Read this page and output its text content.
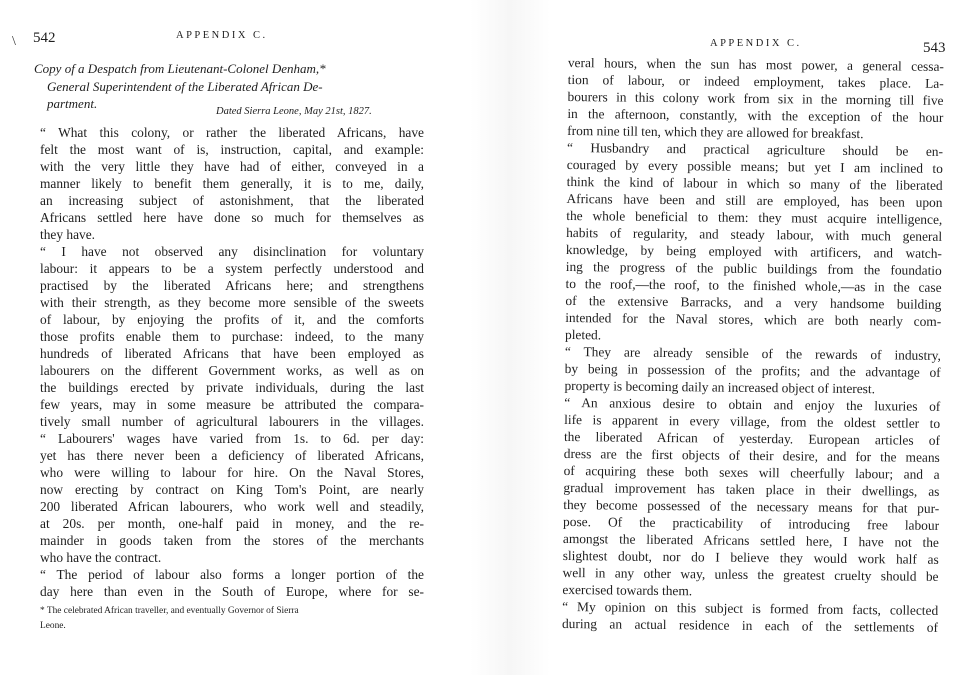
\ 542	APPENDIX C.
Copy of a Despatch from Lieutenant-Colonel Denham,*
General Superintendent of the Liberated African De-
partment.
Dated Sierra Leone, May 21st, 1827.
“ What this colony, or rather the liberated Africans, have
felt the most want of is, instruction, capital, and example:
with the very little they have had of either, conveyed in a
manner likely to benefit them generally, it is to me, daily,
an increasing subject of astonishment, that the liberated
Africans settled here have done so much for themselves as
they have.
“ I have not observed any disinclination for voluntary
labour: it appears to be a system perfectly understood and
practised by the liberated Africans here; and strengthens
with their strength, as they become more sensible of the sweets
of labour, by enjoying the profits of it, and the comforts
those profits enable them to purchase: indeed, to the many
hundreds of liberated Africans that have been employed as
labourers on the different Government works, as well as on
the buildings erected by private individuals, during the last
few years, may in some measure be attributed the compara-
tively small number of agricultural labourers in the villages.
“ Labourers' wages have varied from 1s. to 6d. per day:
yet has there never been a deficiency of liberated Africans,
who were willing to labour for hire. On the Naval Stores,
now erecting by contract on King Tom's Point, are nearly
200 liberated African labourers, who work well and steadily,
at 20s. per month, one-half paid in money, and the re-
mainder in goods taken from the stores of the merchants
who have the contract.
“ The period of labour also forms a longer portion of the
day here than even in the South of Europe, where for se-
* The celebrated African traveller, and eventually Governor of Sierra
Leone.
APPENDIX C.	543
veral hours, when the sun has most power, a general cessa-
tion of labour, or indeed employment, takes place. La-
bourers in this colony work from six in the morning till five
in the afternoon, constantly, with the exception of the hour
from nine till ten, which they are allowed for breakfast.
“ Husbandry and practical agriculture should be en-
couraged by every possible means; but yet I am inclined to
think the kind of labour in which so many of the liberated
Africans have been and still are employed, has been upon
the whole beneficial to them: they must acquire intelligence,
habits of regularity, and steady labour, with much general
knowledge, by being employed with artificers, and watch-
ing the progress of the public buildings from the foundatio
to the roof,—the roof, to the finished whole,—as in the case
of the extensive Barracks, and a very handsome building
intended for the Naval stores, which are both nearly com-
pleted.
“ They are already sensible of the rewards of industry,
by being in possession of the profits; and the advantage of
property is becoming daily an increased object of interest.
“ An anxious desire to obtain and enjoy the luxuries of
life is apparent in every village, from the oldest settler to
the liberated African of yesterday. European articles of
dress are the first objects of their desire, and for the means
of acquiring these both sexes will cheerfully labour; and a
gradual improvement has taken place in their dwellings, as
they become possessed of the necessary means for that pur-
pose. Of the practicability of introducing free labour
amongst the liberated Africans settled here, I have not the
slightest doubt, nor do I believe they would work half as
well in any other way, unless the greatest cruelty should be
exercised towards them.
“ My opinion on this subject is formed from facts, collected
during an actual residence in each of the settlements of
